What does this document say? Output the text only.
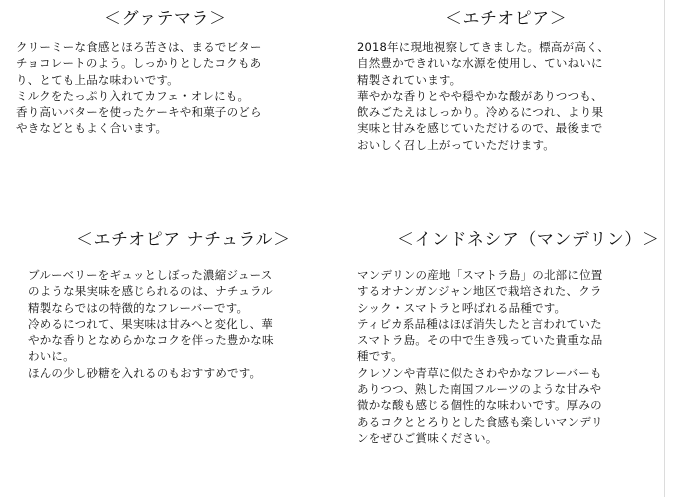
＜グァテマラ＞
クリーミーな食感とほろ苦さは、まるでビター
チョコレートのよう。しっかりとしたコクもあ
り、とても上品な味わいです。
ミルクをたっぷり入れてカフェ・オレにも。
香り高いバターを使ったケーキや和菓子のどら
やきなどともよく合います。
＜エチオピア＞
2018年に現地視察してきました。標高が高く、
自然豊かできれいな水源を使用し、ていねいに
精製されています。
華やかな香りとやや穏やかな酸がありつつも、
飲みごたえはしっかり。冷めるにつれ、より果
実味と甘みを感じていただけるので、最後まで
おいしく召し上がっていただけます。
＜エチオピア ナチュラル＞
ブルーベリーをギュッとしぼった濃縮ジュース
のような果実味を感じられるのは、ナチュラル
精製ならではの特徴的なフレーバーです。
冷めるにつれて、果実味は甘みへと変化し、華
やかな香りとなめらかなコクを伴った豊かな味
わいに。
ほんの少し砂糖を入れるのもおすすめです。
＜インドネシア（マンデリン）＞
マンデリンの産地「スマトラ島」の北部に位置
するオナンガンジャン地区で栽培された、クラ
シック・スマトラと呼ばれる品種です。
ティピカ系品種はほぼ消失したと言われていた
スマトラ島。その中で生き残っていた貴重な品
種です。
クレソンや青草に似たさわやかなフレーバーも
ありつつ、熟した南国フルーツのような甘みや
微かな酸も感じる個性的な味わいです。厚みの
あるコクととろりとした食感も楽しいマンデリ
ンをぜひご賞味ください。
